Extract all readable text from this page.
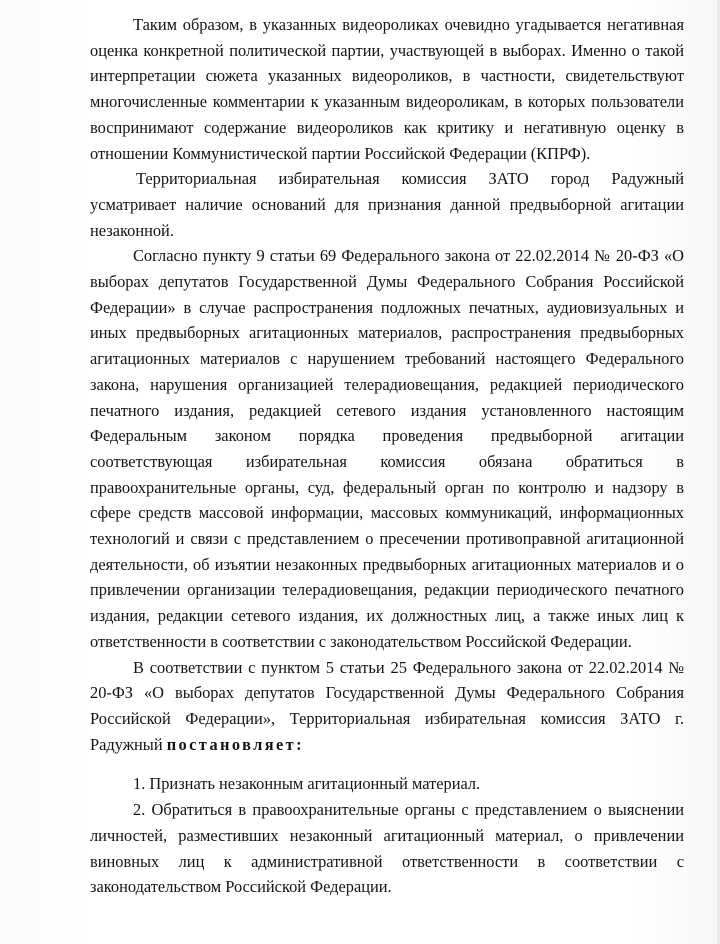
Таким образом, в указанных видеороликах очевидно угадывается негативная оценка конкретной политической партии, участвующей в выборах. Именно о такой интерпретации сюжета указанных видеороликов, в частности, свидетельствуют многочисленные комментарии к указанным видеороликам, в которых пользователи воспринимают содержание видеороликов как критику и негативную оценку в отношении Коммунистической партии Российской Федерации (КПРФ).

Территориальная избирательная комиссия ЗАТО город Радужный усматривает наличие оснований для признания данной предвыборной агитации незаконной.

Согласно пункту 9 статьи 69 Федерального закона от 22.02.2014 № 20-ФЗ «О выборах депутатов Государственной Думы Федерального Собрания Российской Федерации» в случае распространения подложных печатных, аудиовизуальных и иных предвыборных агитационных материалов, распространения предвыборных агитационных материалов с нарушением требований настоящего Федерального закона, нарушения организацией телерадиовещания, редакцией периодического печатного издания, редакцией сетевого издания установленного настоящим Федеральным законом порядка проведения предвыборной агитации соответствующая избирательная комиссия обязана обратиться в правоохранительные органы, суд, федеральный орган по контролю и надзору в сфере средств массовой информации, массовых коммуникаций, информационных технологий и связи с представлением о пресечении противоправной агитационной деятельности, об изъятии незаконных предвыборных агитационных материалов и о привлечении организации телерадиовещания, редакции периодического печатного издания, редакции сетевого издания, их должностных лиц, а также иных лиц к ответственности в соответствии с законодательством Российской Федерации.

В соответствии с пунктом 5 статьи 25 Федерального закона от 22.02.2014 № 20-ФЗ «О выборах депутатов Государственной Думы Федерального Собрания Российской Федерации», Территориальная избирательная комиссия ЗАТО г. Радужный постановляет:

1. Признать незаконным агитационный материал.

2. Обратиться в правоохранительные органы с представлением о выяснении личностей, разместивших незаконный агитационный материал, о привлечении виновных лиц к административной ответственности в соответствии с законодательством Российской Федерации.
